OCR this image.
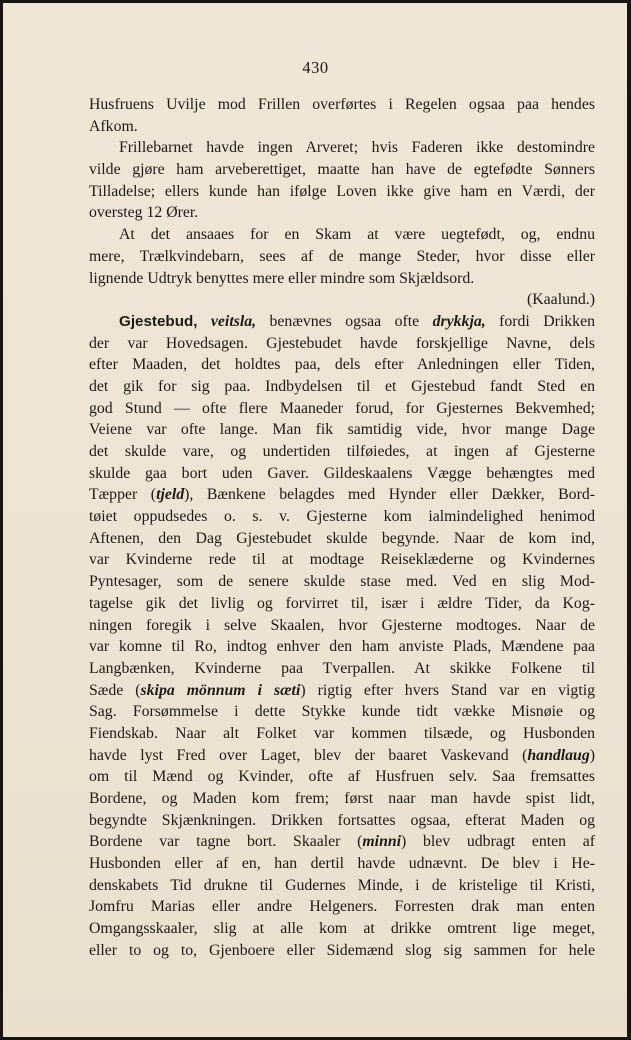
430
Husfruens Uvilje mod Frillen overførtes i Regelen ogsaa paa hendes
Afkom.
Frillebarnet havde ingen Arveret; hvis Faderen ikke destomindre
vilde gjøre ham arveberettiget, maatte han have de egtefødte Sønners
Tilladelse; ellers kunde han ifølge Loven ikke give ham en Værdi, der
oversteg 12 Ører.
At det ansaaes for en Skam at være uegtefødt, og, endnu
mere, Trælkvindebarn, sees af de mange Steder, hvor disse eller
lignende Udtryk benyttes mere eller mindre som Skjældsord.
(Kaalund.)
Gjestebud, veitsla, benævnes ogsaa ofte drykkja, fordi Drikken
der var Hovedsagen. Gjestebudet havde forskjellige Navne, dels
efter Maaden, det holdtes paa, dels efter Anledningen eller Tiden,
det gik for sig paa. Indbydelsen til et Gjestebud fandt Sted en
god Stund — ofte flere Maaneder forud, for Gjesternes Bekvemhed;
Veiene var ofte lange. Man fik samtidig vide, hvor mange Dage
det skulde vare, og undertiden tilføiedes, at ingen af Gjesterne
skulde gaa bort uden Gaver. Gildeskaalens Vægge behængtes med
Tæpper (tjeld), Bænkene belagdes med Hynder eller Dækker, Bord-
tøiet oppudsedes o. s. v. Gjesterne kom ialmindelighed henimod
Aftenen, den Dag Gjestebudet skulde begynde. Naar de kom ind,
var Kvinderne rede til at modtage Reiseklæderne og Kvindernes
Pyntesager, som de senere skulde stase med. Ved en slig Mod-
tagelse gik det livlig og forvirret til, især i ældre Tider, da Kog-
ningen foregik i selve Skaalen, hvor Gjesterne modtoges. Naar de
var komne til Ro, indtog enhver den ham anviste Plads, Mændene paa
Langbænken, Kvinderne paa Tverpallen. At skikke Folkene til
Sæde (skipa mönnum i sæti) rigtig efter hvers Stand var en vigtig
Sag. Forsømmelse i dette Stykke kunde tidt vække Misnøie og
Fiendskab. Naar alt Folket var kommen tilsæde, og Husbonden
havde lyst Fred over Laget, blev der baaret Vaskevand (handlaug)
om til Mænd og Kvinder, ofte af Husfruen selv. Saa fremsattes
Bordene, og Maden kom frem; først naar man havde spist lidt,
begyndte Skjænkningen. Drikken fortsattes ogsaa, efterat Maden og
Bordene var tagne bort. Skaaler (minni) blev udbragt enten af
Husbonden eller af en, han dertil havde udnævnt. De blev i He-
denskabets Tid drukne til Gudernes Minde, i de kristelige til Kristi,
Jomfru Marias eller andre Helgeners. Forresten drak man enten
Omgangsskaaler, slig at alle kom at drikke omtrent lige meget,
eller to og to, Gjenboere eller Sidemænd slog sig sammen for hele
